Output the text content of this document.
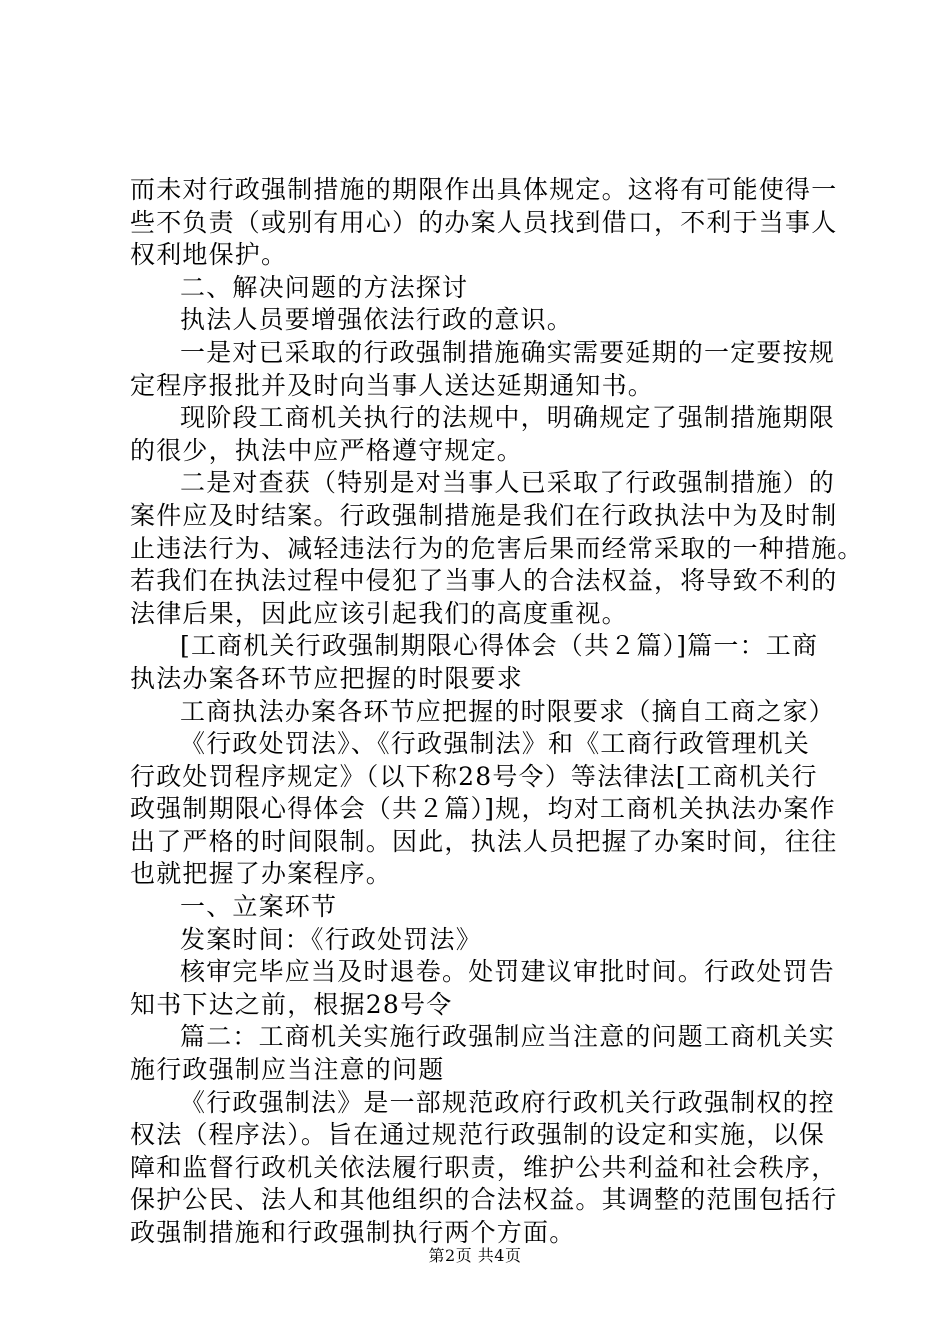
而未对行政强制措施的期限作出具体规定。这将有可能使得一
些不负责（或别有用心）的办案人员找到借口，不利于当事人
权利地保护。
二、解决问题的方法探讨
执法人员要增强依法行政的意识。
一是对已采取的行政强制措施确实需要延期的一定要按规
定程序报批并及时向当事人送达延期通知书。
现阶段工商机关执行的法规中，明确规定了强制措施期限
的很少，执法中应严格遵守规定。
二是对查获（特别是对当事人已采取了行政强制措施）的
案件应及时结案。行政强制措施是我们在行政执法中为及时制
止违法行为、减轻违法行为的危害后果而经常采取的一种措施。
若我们在执法过程中侵犯了当事人的合法权益，将导致不利的
法律后果，因此应该引起我们的高度重视。
[工商机关行政强制期限心得体会（共２篇）]篇一：工商
执法办案各环节应把握的时限要求
工商执法办案各环节应把握的时限要求（摘自工商之家）
《行政处罚法》、《行政强制法》和《工商行政管理机关
行政处罚程序规定》（以下称28号令）等法律法[工商机关行
政强制期限心得体会（共２篇）]规，均对工商机关执法办案作
出了严格的时间限制。因此，执法人员把握了办案时间，往往
也就把握了办案程序。
一、立案环节
发案时间：《行政处罚法》
核审完毕应当及时退卷。处罚建议审批时间。行政处罚告
知书下达之前，根据28号令
篇二：工商机关实施行政强制应当注意的问题工商机关实
施行政强制应当注意的问题
《行政强制法》是一部规范政府行政机关行政强制权的控
权法（程序法）。旨在通过规范行政强制的设定和实施，以保
障和监督行政机关依法履行职责，维护公共利益和社会秩序，
保护公民、法人和其他组织的合法权益。其调整的范围包括行
政强制措施和行政强制执行两个方面。
第2页 共4页
